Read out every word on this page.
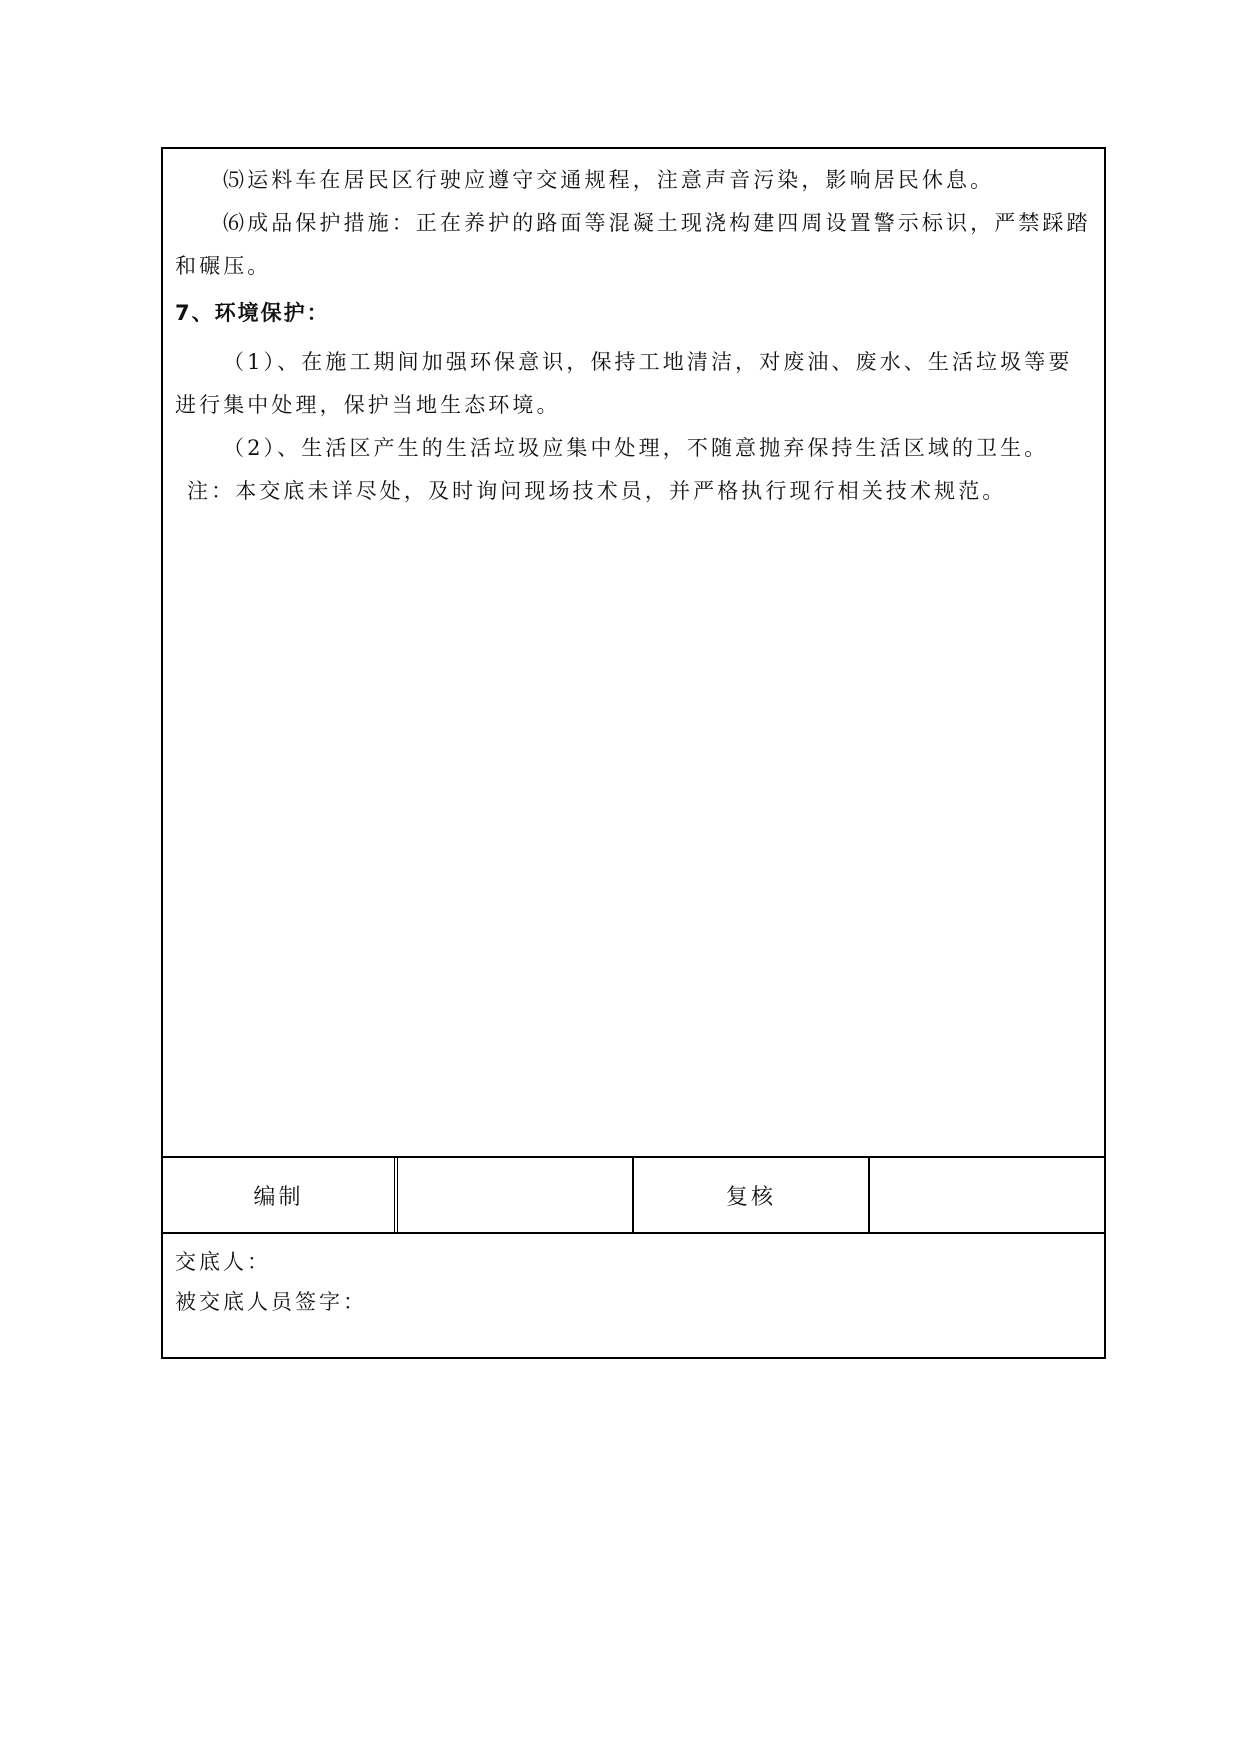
⑸运料车在居民区行驶应遵守交通规程，注意声音污染，影响居民休息。

⑹成品保护措施：正在养护的路面等混凝土现浇构建四周设置警示标识，严禁踩踏和碾压。

7、环境保护：

（1）、在施工期间加强环保意识，保持工地清洁，对废油、废水、生活垃圾等要进行集中处理，保护当地生态环境。

（2）、生活区产生的生活垃圾应集中处理，不随意抛弃保持生活区域的卫生。

注：本交底未详尽处，及时询问现场技术员，并严格执行现行相关技术规范。

编制	复核

交底人：

被交底人员签字：
